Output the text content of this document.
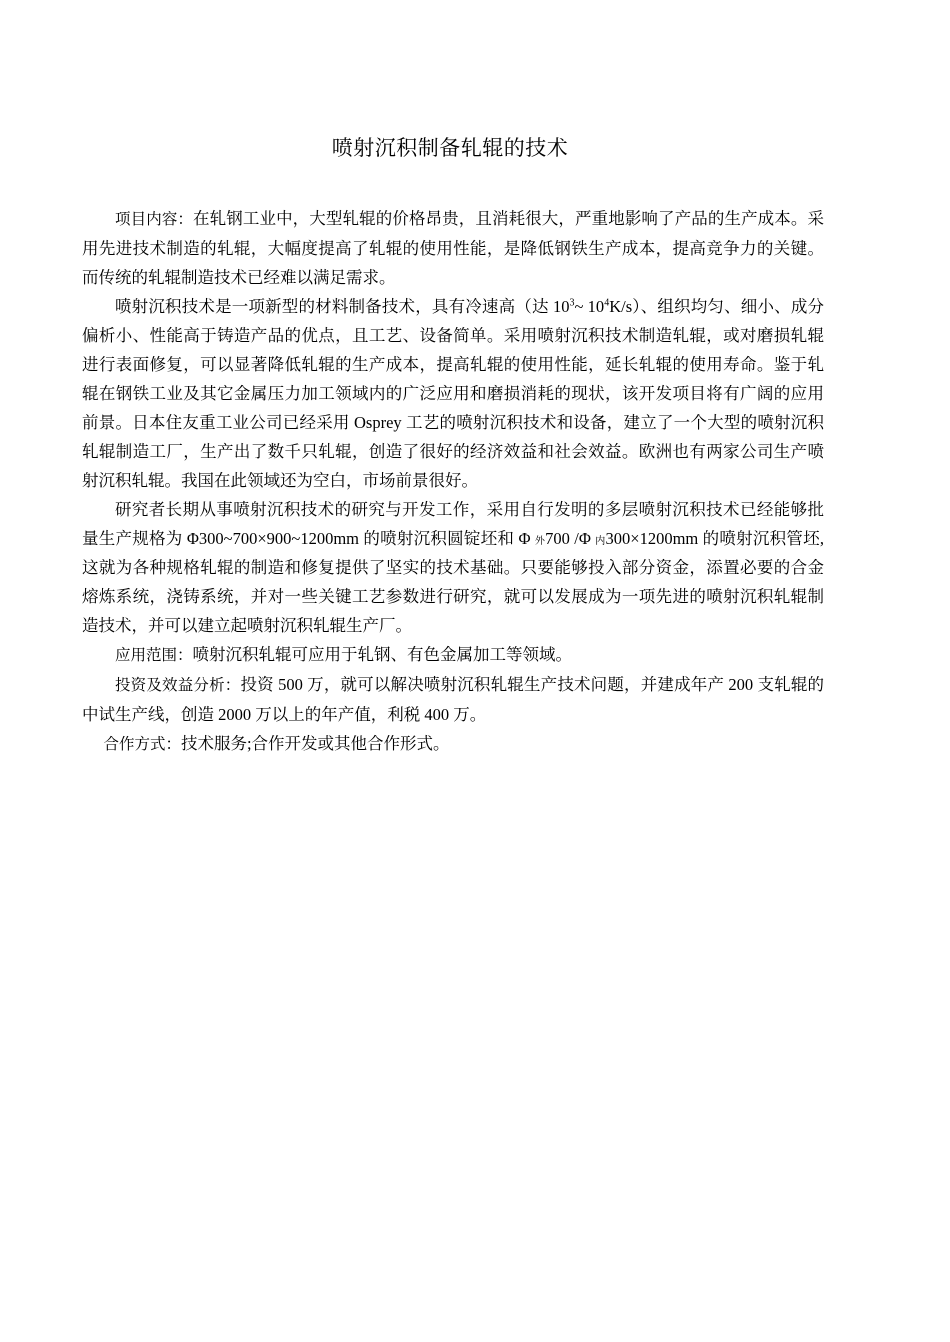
喷射沉积制备轧辊的技术

项目内容：在轧钢工业中，大型轧辊的价格昂贵，且消耗很大，严重地影响了产品的生产成本。采用先进技术制造的轧辊，大幅度提高了轧辊的使用性能，是降低钢铁生产成本，提高竞争力的关键。而传统的轧辊制造技术已经难以满足需求。

喷射沉积技术是一项新型的材料制备技术，具有冷速高（达 $10^3\sim$ $10^4K/s$）、组织均匀、细小、成分偏析小、性能高于铸造产品的优点，且工艺、设备简单。采用喷射沉积技术制造轧辊，或对磨损轧辊进行表面修复，可以显著降低轧辊的生产成本，提高轧辊的使用性能，延长轧辊的使用寿命。鉴于轧辊在钢铁工业及其它金属压力加工领域内的广泛应用和磨损消耗的现状，该开发项目将有广阔的应用前景。日本住友重工业公司已经采用 Osprey 工艺的喷射沉积技术和设备，建立了一个大型的喷射沉积轧辊制造工厂，生产出了数千只轧辊，创造了很好的经济效益和社会效益。欧洲也有两家公司生产喷射沉积轧辊。我国在此领域还为空白，市场前景很好。

研究者长期从事喷射沉积技术的研究与开发工作，采用自行发明的多层喷射沉积技术已经能够批量生产规格为 Φ300~700×900~1200mm 的喷射沉积圆锭坯和 Φ 外700 /Φ 内300×1200mm 的喷射沉积管坯,这就为各种规格轧辊的制造和修复提供了坚实的技术基础。只要能够投入部分资金，添置必要的合金熔炼系统，浇铸系统，并对一些关键工艺参数进行研究，就可以发展成为一项先进的喷射沉积轧辊制造技术，并可以建立起喷射沉积轧辊生产厂。

应用范围：喷射沉积轧辊可应用于轧钢、有色金属加工等领域。

投资及效益分析：投资 500 万，就可以解决喷射沉积轧辊生产技术问题，并建成年产 200 支轧辊的中试生产线，创造 2000 万以上的年产值，利税 400 万。

合作方式：技术服务;合作开发或其他合作形式。
